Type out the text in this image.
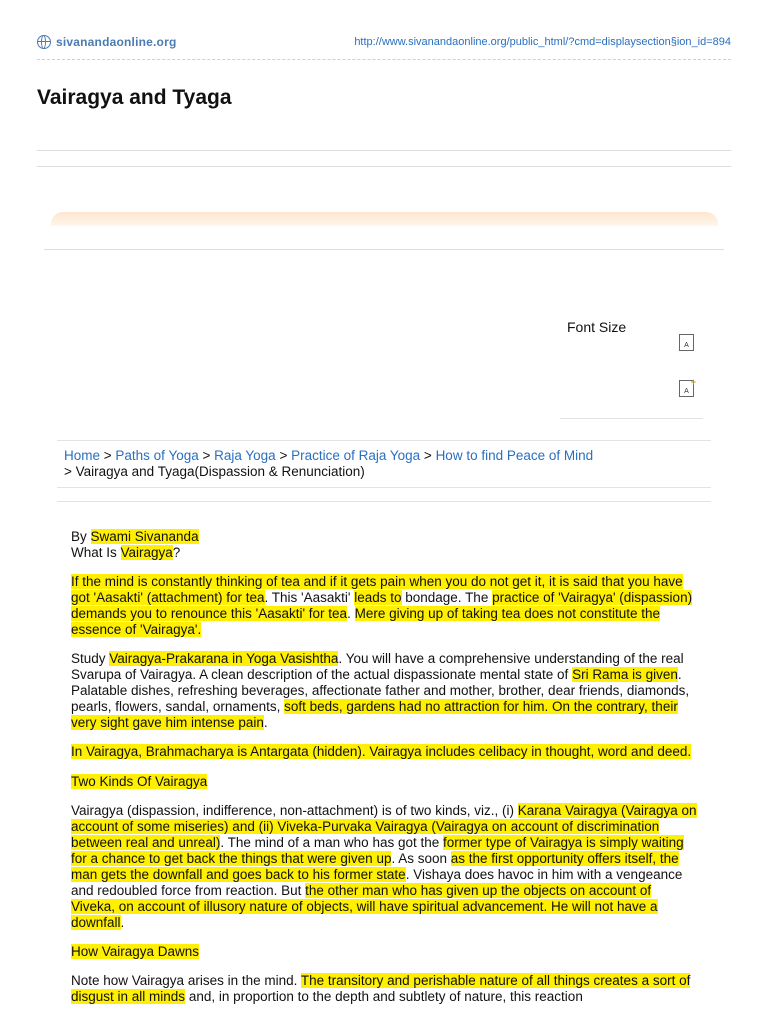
sivanandaonline.org	http://www.sivanandaonline.org/public_html/?cmd=displaysection§ion_id=894
Vairagya and Tyaga
Font Size
A
A
+
Home > Paths of Yoga > Raja Yoga > Practice of Raja Yoga > How to find Peace of Mind
> Vairagya and Tyaga(Dispassion & Renunciation)
By Swami Sivananda
What Is Vairagya?

If the mind is constantly thinking of tea and if it gets pain when you do not get it, it is said that you have got 'Aasakti' (attachment) for tea. This 'Aasakti' leads to bondage. The practice of 'Vairagya' (dispassion) demands you to renounce this 'Aasakti' for tea. Mere giving up of taking tea does not constitute the essence of 'Vairagya'.

Study Vairagya-Prakarana in Yoga Vasishtha. You will have a comprehensive understanding of the real Svarupa of Vairagya. A clean description of the actual dispassionate mental state of Sri Rama is given. Palatable dishes, refreshing beverages, affectionate father and mother, brother, dear friends, diamonds, pearls, flowers, sandal, ornaments, soft beds, gardens had no attraction for him. On the contrary, their very sight gave him intense pain.

In Vairagya, Brahmacharya is Antargata (hidden). Vairagya includes celibacy in thought, word and deed.

Two Kinds Of Vairagya

Vairagya (dispassion, indifference, non-attachment) is of two kinds, viz., (i) Karana Vairagya (Vairagya on account of some miseries) and (ii) Viveka-Purvaka Vairagya (Vairagya on account of discrimination between real and unreal). The mind of a man who has got the former type of Vairagya is simply waiting for a chance to get back the things that were given up. As soon as the first opportunity offers itself, the man gets the downfall and goes back to his former state. Vishaya does havoc in him with a vengeance and redoubled force from reaction. But the other man who has given up the objects on account of Viveka, on account of illusory nature of objects, will have spiritual advancement. He will not have a downfall.

How Vairagya Dawns

Note how Vairagya arises in the mind. The transitory and perishable nature of all things creates a sort of disgust in all minds and, in proportion to the depth and subtlety of nature, this reaction
